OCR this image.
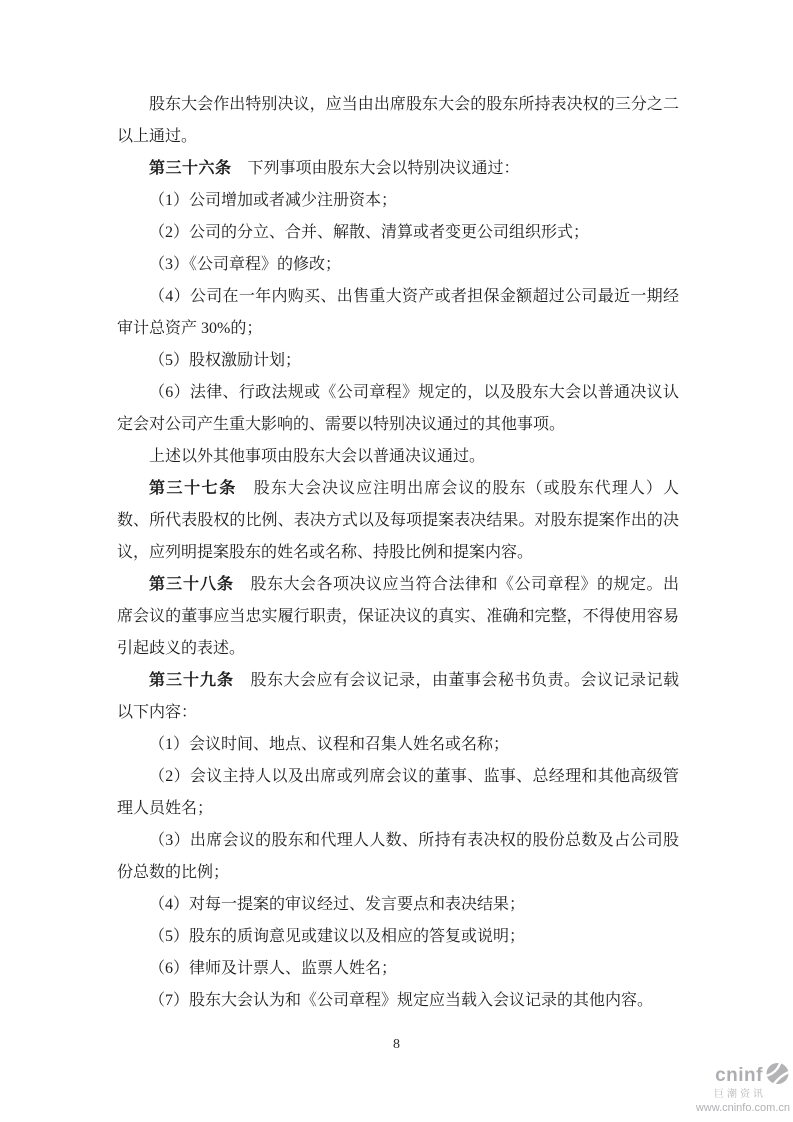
股东大会作出特别决议，应当由出席股东大会的股东所持表决权的三分之二以上通过。

第三十六条　下列事项由股东大会以特别决议通过：

（1）公司增加或者减少注册资本；

（2）公司的分立、合并、解散、清算或者变更公司组织形式；

（3）《公司章程》的修改；

（4）公司在一年内购买、出售重大资产或者担保金额超过公司最近一期经审计总资产 30%的；

（5）股权激励计划；

（6）法律、行政法规或《公司章程》规定的，以及股东大会以普通决议认定会对公司产生重大影响的、需要以特别决议通过的其他事项。

上述以外其他事项由股东大会以普通决议通过。

第三十七条　股东大会决议应注明出席会议的股东（或股东代理人）人数、所代表股权的比例、表决方式以及每项提案表决结果。对股东提案作出的决议，应列明提案股东的姓名或名称、持股比例和提案内容。

第三十八条　股东大会各项决议应当符合法律和《公司章程》的规定。出席会议的董事应当忠实履行职责，保证决议的真实、准确和完整，不得使用容易引起歧义的表述。

第三十九条　股东大会应有会议记录，由董事会秘书负责。会议记录记载以下内容：

（1）会议时间、地点、议程和召集人姓名或名称；

（2）会议主持人以及出席或列席会议的董事、监事、总经理和其他高级管理人员姓名；

（3）出席会议的股东和代理人人数、所持有表决权的股份总数及占公司股份总数的比例；

（4）对每一提案的审议经过、发言要点和表决结果；

（5）股东的质询意见或建议以及相应的答复或说明；

（6）律师及计票人、监票人姓名；

（7）股东大会认为和《公司章程》规定应当载入会议记录的其他内容。

8
cninf
巨潮资讯
www.cninfo.com.cn
